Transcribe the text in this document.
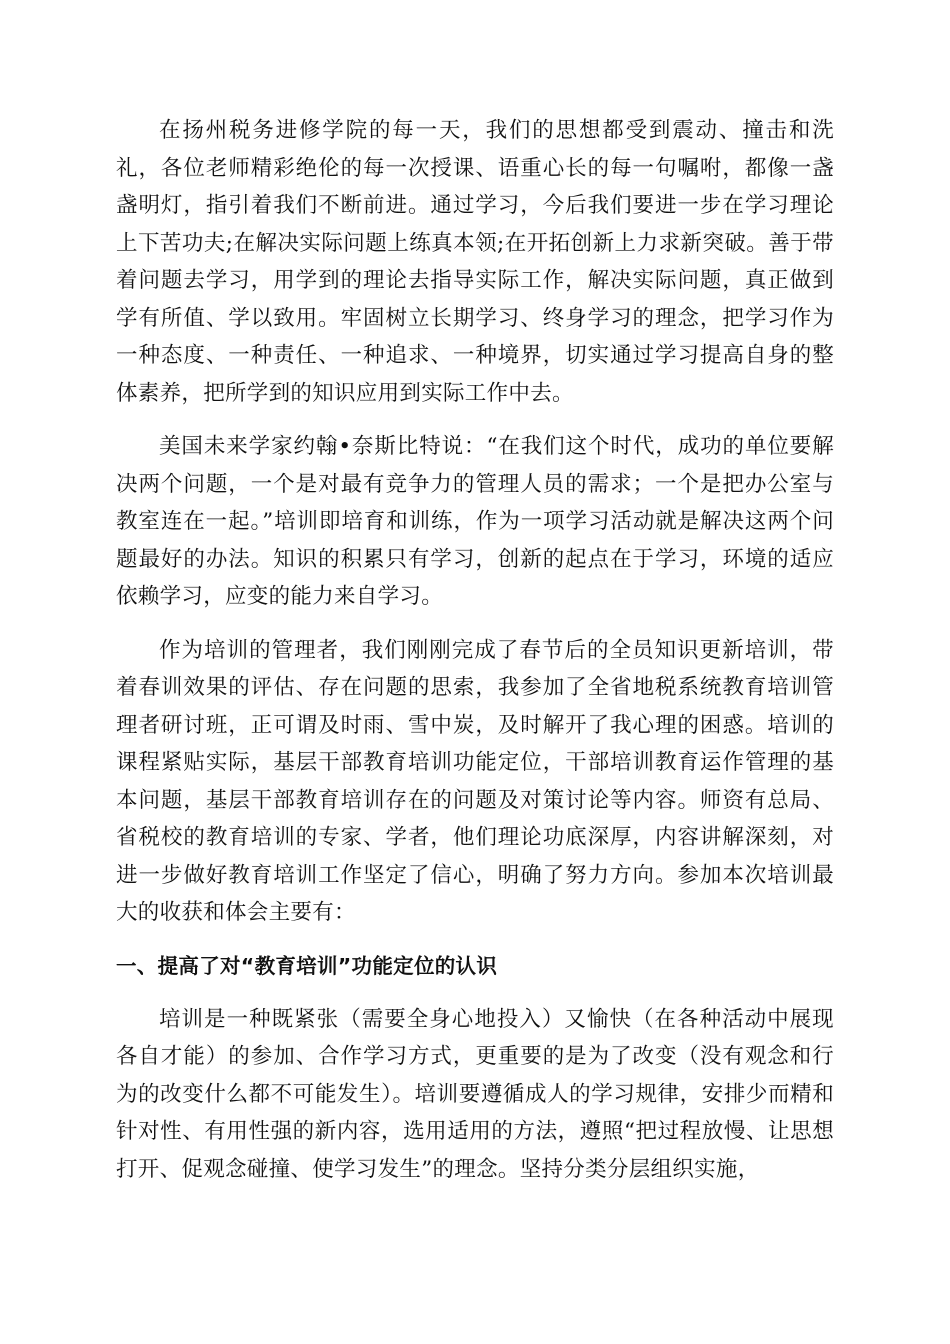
在扬州税务进修学院的每一天，我们的思想都受到震动、撞击和洗礼，各位老师精彩绝伦的每一次授课、语重心长的每一句嘱咐，都像一盏盏明灯，指引着我们不断前进。通过学习，今后我们要进一步在学习理论上下苦功夫;在解决实际问题上练真本领;在开拓创新上力求新突破。善于带着问题去学习，用学到的理论去指导实际工作，解决实际问题，真正做到学有所值、学以致用。牢固树立长期学习、终身学习的理念，把学习作为一种态度、一种责任、一种追求、一种境界，切实通过学习提高自身的整体素养，把所学到的知识应用到实际工作中去。

美国未来学家约翰•奈斯比特说：“在我们这个时代，成功的单位要解决两个问题，一个是对最有竞争力的管理人员的需求；一个是把办公室与教室连在一起。”培训即培育和训练，作为一项学习活动就是解决这两个问题最好的办法。知识的积累只有学习，创新的起点在于学习，环境的适应依赖学习，应变的能力来自学习。

作为培训的管理者，我们刚刚完成了春节后的全员知识更新培训，带着春训效果的评估、存在问题的思索，我参加了全省地税系统教育培训管理者研讨班，正可谓及时雨、雪中炭，及时解开了我心理的困惑。培训的课程紧贴实际，基层干部教育培训功能定位，干部培训教育运作管理的基本问题，基层干部教育培训存在的问题及对策讨论等内容。师资有总局、省税校的教育培训的专家、学者，他们理论功底深厚，内容讲解深刻，对进一步做好教育培训工作坚定了信心，明确了努力方向。参加本次培训最大的收获和体会主要有：

一、提高了对“教育培训”功能定位的认识

培训是一种既紧张（需要全身心地投入）又愉快（在各种活动中展现各自才能）的参加、合作学习方式，更重要的是为了改变（没有观念和行为的改变什么都不可能发生）。培训要遵循成人的学习规律，安排少而精和针对性、有用性强的新内容，选用适用的方法，遵照“把过程放慢、让思想打开、促观念碰撞、使学习发生”的理念。坚持分类分层组织实施，
